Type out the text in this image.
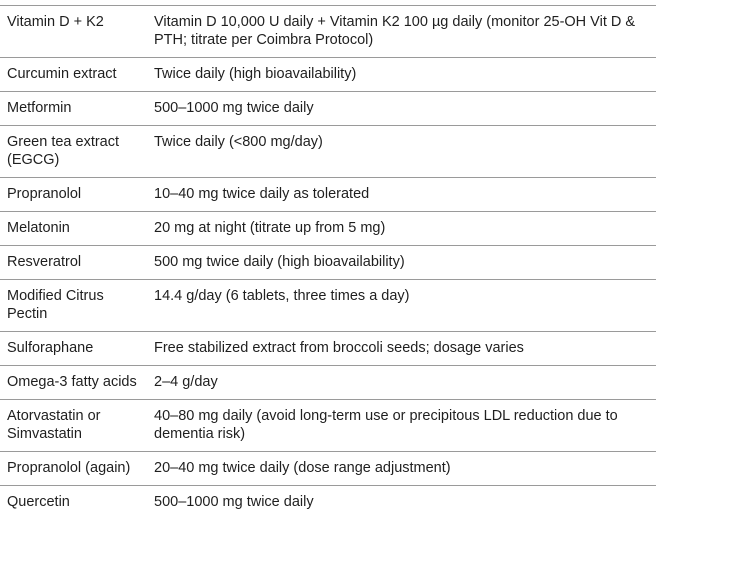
Vitamin D + K2	Vitamin D 10,000 U daily + Vitamin K2 100 µg daily (monitor 25-OH Vit D & PTH; titrate per Coimbra Protocol)
Curcumin extract	Twice daily (high bioavailability)
Metformin	500–1000 mg twice daily
Green tea extract (EGCG)	Twice daily (<800 mg/day)
Propranolol	10–40 mg twice daily as tolerated
Melatonin	20 mg at night (titrate up from 5 mg)
Resveratrol	500 mg twice daily (high bioavailability)
Modified Citrus Pectin	14.4 g/day (6 tablets, three times a day)
Sulforaphane	Free stabilized extract from broccoli seeds; dosage varies
Omega-3 fatty acids	2–4 g/day
Atorvastatin or Simvastatin	40–80 mg daily (avoid long-term use or precipitous LDL reduction due to dementia risk)
Propranolol (again)	20–40 mg twice daily (dose range adjustment)
Quercetin	500–1000 mg twice daily
